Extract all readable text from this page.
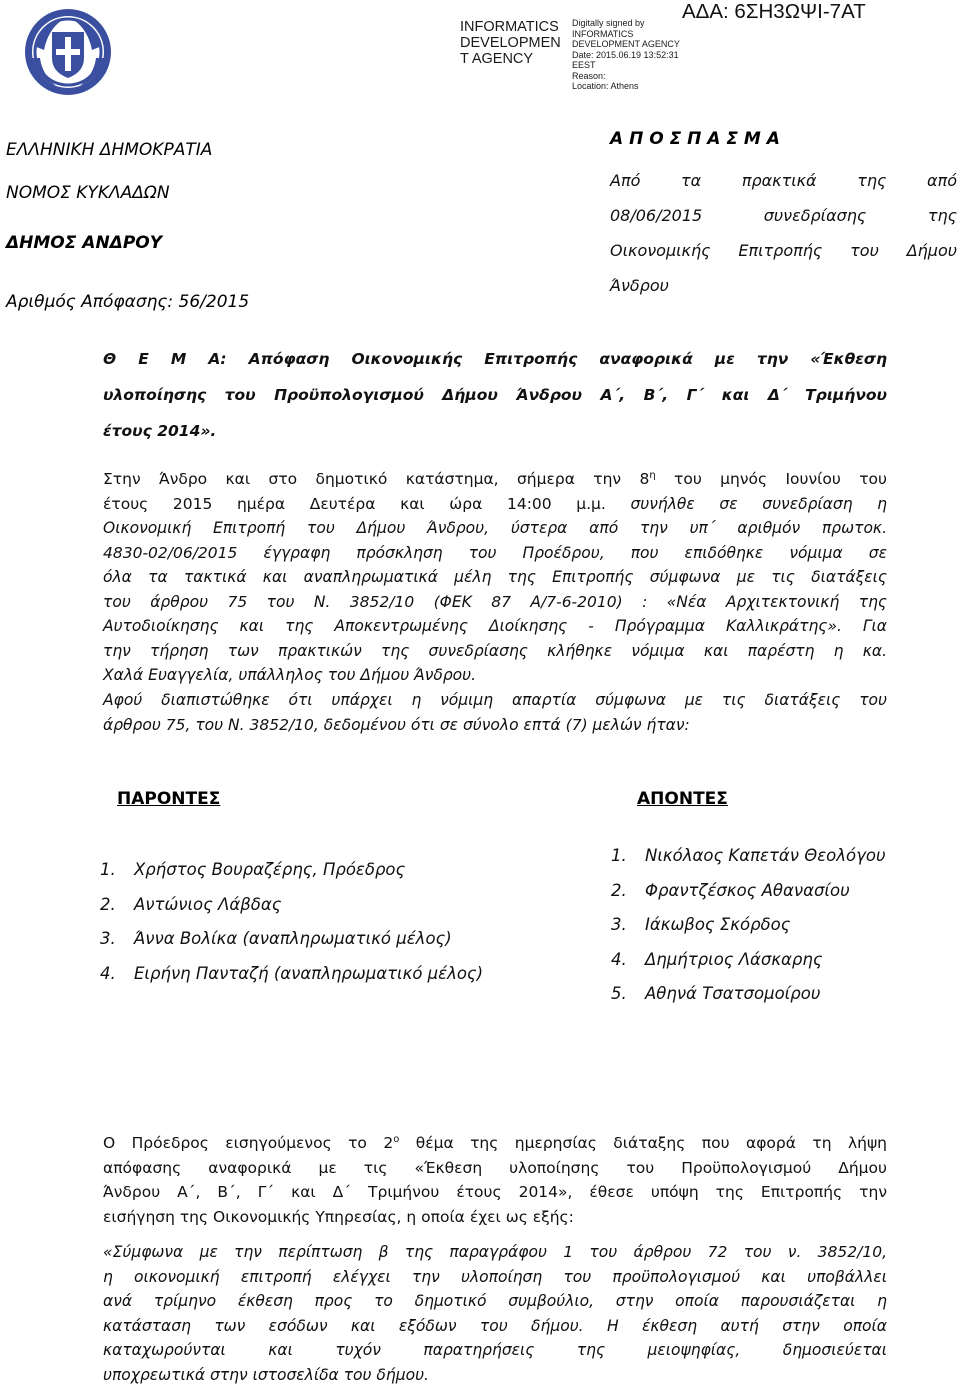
INFORMATICS
DEVELOPMEN
T AGENCY
Digitally signed by
INFORMATICS
DEVELOPMENT AGENCY
Date: 2015.06.19 13:52:31
EEST
Reason:
Location: Athens
ΑΔΑ: 6ΣΗ3ΩΨΙ-7ΑΤ
ΕΛΛΗΝΙΚΗ ΔΗΜΟΚΡΑΤΙΑ
ΝΟΜΟΣ ΚΥΚΛΑΔΩΝ
ΔΗΜΟΣ ΑΝΔΡΟΥ
Αριθμός Απόφασης: 56/2015
Α Π Ο Σ Π Α Σ Μ Α
Από τα πρακτικά της από
08/06/2015 συνεδρίασης της
Οικονομικής Επιτροπής του Δήμου
Άνδρου
Θ Ε Μ Α: Απόφαση Οικονομικής Επιτροπής αναφορικά με την «Έκθεση
υλοποίησης του Προϋπολογισμού Δήμου Άνδρου Α΄, Β΄, Γ΄ και Δ΄ Τριμήνου
έτους 2014».
Στην Άνδρο και στο δημοτικό κατάστημα, σήμερα την $8^\eta$ του μηνός Ιουνίου του
έτους 2015 ημέρα Δευτέρα και ώρα 14:00 μ.μ. συνήλθε σε συνεδρίαση η
Οικονομική Επιτροπή του Δήμου Άνδρου, ύστερα από την υπ΄ αριθμόν πρωτοκ.
4830-02/06/2015 έγγραφη πρόσκληση του Προέδρου, που επιδόθηκε νόμιμα σε
όλα τα τακτικά και αναπληρωματικά μέλη της Επιτροπής σύμφωνα με τις διατάξεις
του άρθρου 75 του Ν. 3852/10 (ΦΕΚ 87 Α/7-6-2010) : «Νέα Αρχιτεκτονική της
Αυτοδιοίκησης και της Αποκεντρωμένης Διοίκησης - Πρόγραμμα Καλλικράτης». Για
την τήρηση των πρακτικών της συνεδρίασης κλήθηκε νόμιμα και παρέστη η κα.
Χαλά Ευαγγελία, υπάλληλος του Δήμου Άνδρου.
Αφού διαπιστώθηκε ότι υπάρχει η νόμιμη απαρτία σύμφωνα με τις διατάξεις του
άρθρου 75, του Ν. 3852/10, δεδομένου ότι σε σύνολο επτά (7) μελών ήταν:
ΠΑΡΟΝΤΕΣ	ΑΠΟΝΤΕΣ
1. Χρήστος Βουραζέρης, Πρόεδρος
2. Αντώνιος Λάβδας
3. Άννα Βολίκα (αναπληρωματικό μέλος)
4. Ειρήνη Πανταζή (αναπληρωματικό μέλος)
1. Νικόλαος Καπετάν Θεολόγου
2. Φραντζέσκος Αθανασίου
3. Ιάκωβος Σκόρδος
4. Δημήτριος Λάσκαρης
5. Αθηνά Τσατσομοίρου
Ο Πρόεδρος εισηγούμενος το $2^o$ θέμα της ημερησίας διάταξης που αφορά τη λήψη
απόφασης αναφορικά με τις «Έκθεση υλοποίησης του Προϋπολογισμού Δήμου
Άνδρου Α΄, Β΄, Γ΄ και Δ΄ Τριμήνου έτους 2014», έθεσε υπόψη της Επιτροπής την
εισήγηση της Οικονομικής Υπηρεσίας, η οποία έχει ως εξής:
«Σύμφωνα με την περίπτωση β της παραγράφου 1 του άρθρου 72 του ν. 3852/10,
η οικονομική επιτροπή ελέγχει την υλοποίηση του προϋπολογισμού και υποβάλλει
ανά τρίμηνο έκθεση προς το δημοτικό συμβούλιο, στην οποία παρουσιάζεται η
κατάσταση των εσόδων και εξόδων του δήμου. Η έκθεση αυτή στην οποία
καταχωρούνται και τυχόν παρατηρήσεις της μειοψηφίας, δημοσιεύεται
υποχρεωτικά στην ιστοσελίδα του δήμου.
